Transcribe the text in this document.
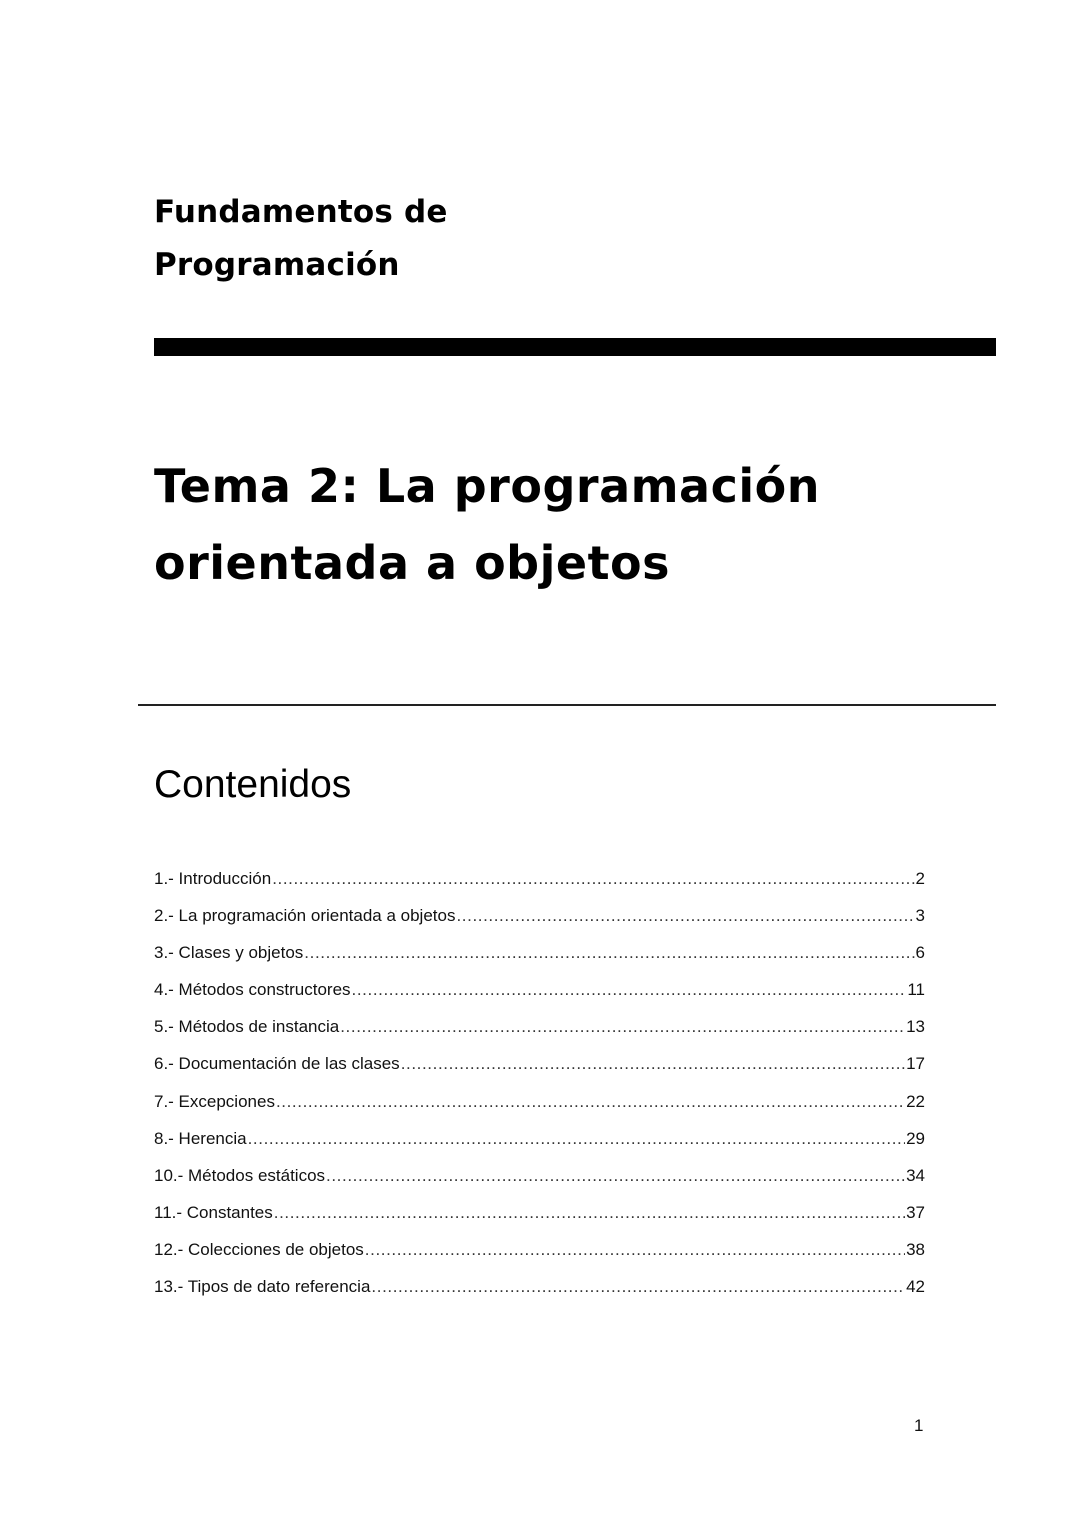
Fundamentos de
Programación
Tema 2: La programación
orientada a objetos
Contenidos
1.- Introducción .....	2
2.- La programación orientada a objetos .....	3
3.- Clases y objetos .....	6
4.- Métodos constructores .....	11
5.- Métodos de instancia .....	13
6.- Documentación de las clases .....	17
7.- Excepciones .....	22
8.- Herencia .....	29
10.- Métodos estáticos .....	34
11.- Constantes .....	37
12.- Colecciones de objetos .....	38
13.- Tipos de dato referencia .....	42
1
